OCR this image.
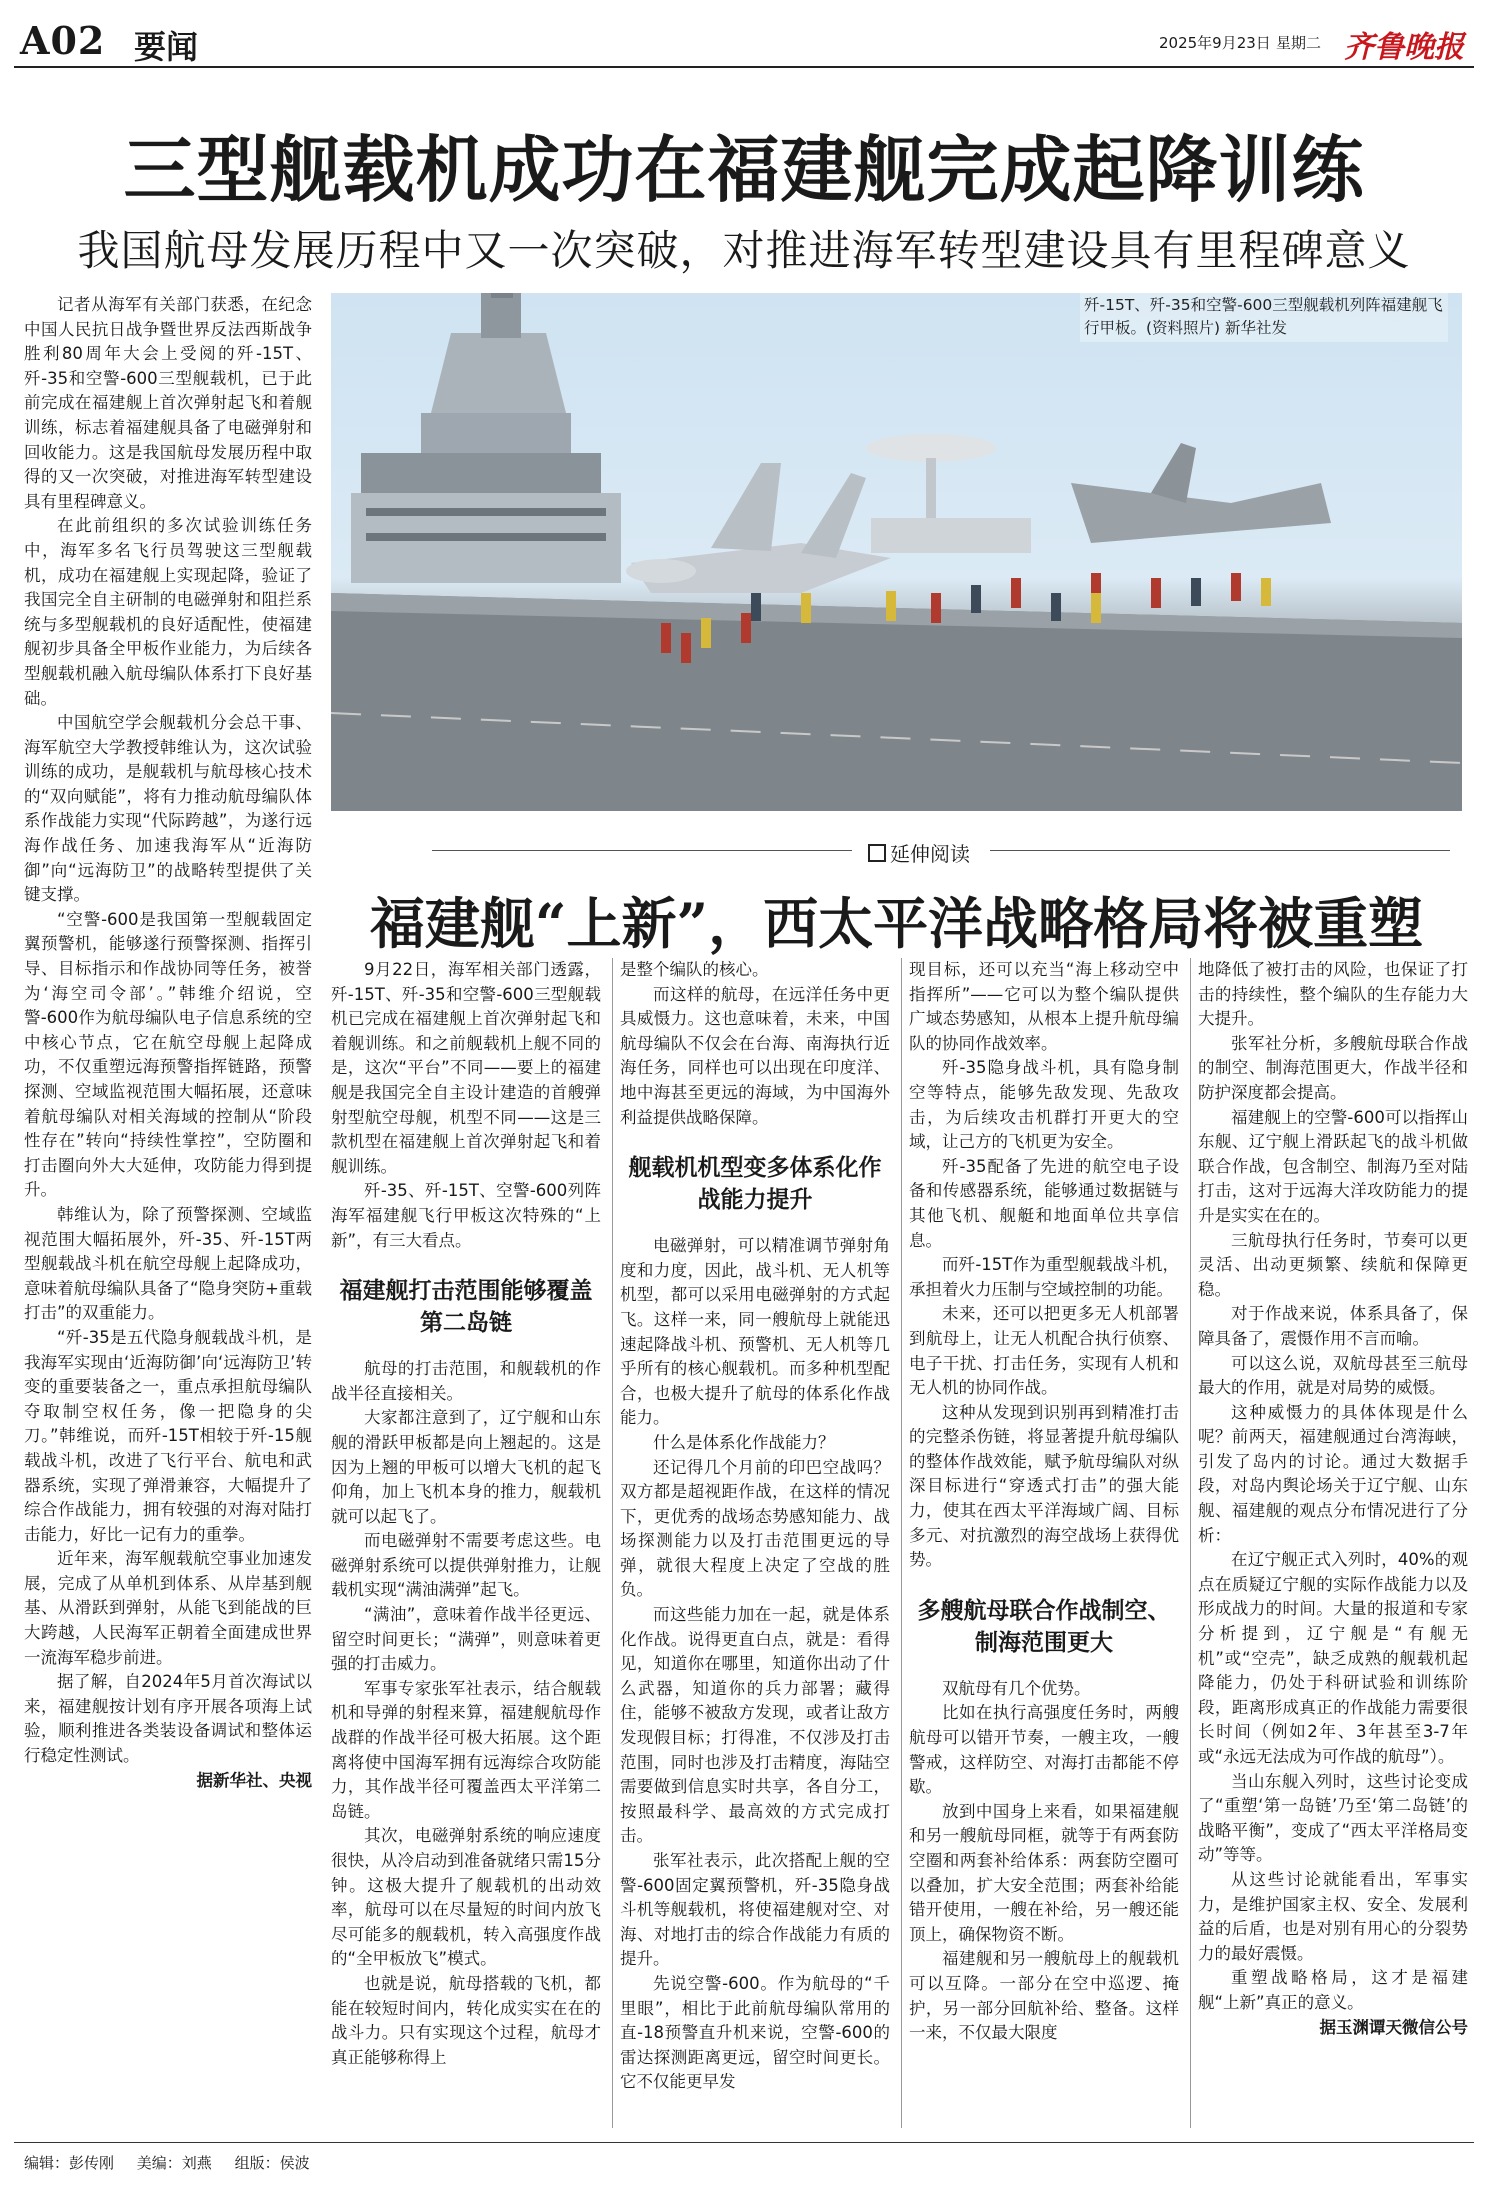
A02 要闻	2025年9月23日 星期二 齐鲁晚报
三型舰载机成功在福建舰完成起降训练
我国航母发展历程中又一次突破，对推进海军转型建设具有里程碑意义

记者从海军有关部门获悉，在纪念中国人民抗日战争暨世界反法西斯战争胜利80周年大会上受阅的歼-15T、歼-35和空警-600三型舰载机，已于此前完成在福建舰上首次弹射起飞和着舰训练，标志着福建舰具备了电磁弹射和回收能力。这是我国航母发展历程中取得的又一次突破，对推进海军转型建设具有里程碑意义。

在此前组织的多次试验训练任务中，海军多名飞行员驾驶这三型舰载机，成功在福建舰上实现起降，验证了我国完全自主研制的电磁弹射和阻拦系统与多型舰载机的良好适配性，使福建舰初步具备全甲板作业能力，为后续各型舰载机融入航母编队体系打下良好基础。

中国航空学会舰载机分会总干事、海军航空大学教授韩维认为，这次试验训练的成功，是舰载机与航母核心技术的“双向赋能”，将有力推动航母编队体系作战能力实现“代际跨越”，为遂行远海作战任务、加速我海军从“近海防御”向“远海防卫”的战略转型提供了关键支撑。

“空警-600是我国第一型舰载固定翼预警机，能够遂行预警探测、指挥引导、目标指示和作战协同等任务，被誉为‘海空司令部’。”韩维介绍说，空警-600作为航母编队电子信息系统的空中核心节点，它在航空母舰上起降成功，不仅重塑远海预警指挥链路，预警探测、空域监视范围大幅拓展，还意味着航母编队对相关海域的控制从“阶段性存在”转向“持续性掌控”，空防圈和打击圈向外大大延伸，攻防能力得到提升。

韩维认为，除了预警探测、空域监视范围大幅拓展外，歼-35、歼-15T两型舰载战斗机在航空母舰上起降成功，意味着航母编队具备了“隐身突防+重载打击”的双重能力。

“歼-35是五代隐身舰载战斗机，是我海军实现由‘近海防御’向‘远海防卫’转变的重要装备之一，重点承担航母编队夺取制空权任务，像一把隐身的尖刀。”韩维说，而歼-15T相较于歼-15舰载战斗机，改进了飞行平台、航电和武器系统，实现了弹滑兼容，大幅提升了综合作战能力，拥有较强的对海对陆打击能力，好比一记有力的重拳。

近年来，海军舰载航空事业加速发展，完成了从单机到体系、从岸基到舰基、从滑跃到弹射，从能飞到能战的巨大跨越，人民海军正朝着全面建成世界一流海军稳步前进。

据了解，自2024年5月首次海试以来，福建舰按计划有序开展各项海上试验，顺利推进各类装设备调试和整体运行稳定性测试。

据新华社、央视

歼-15T、歼-35和空警-600三型舰载机列阵福建舰飞行甲板。(资料照片) 新华社发
延伸阅读
福建舰“上新”，西太平洋战略格局将被重塑

9月22日，海军相关部门透露，歼-15T、歼-35和空警-600三型舰载机已完成在福建舰上首次弹射起飞和着舰训练。和之前舰载机上舰不同的是，这次“平台”不同——要上的福建舰是我国完全自主设计建造的首艘弹射型航空母舰，机型不同——这是三款机型在福建舰上首次弹射起飞和着舰训练。

歼-35、歼-15T、空警-600列阵海军福建舰飞行甲板这次特殊的“上新”，有三大看点。

福建舰打击范围能够覆盖第二岛链

航母的打击范围，和舰载机的作战半径直接相关。

大家都注意到了，辽宁舰和山东舰的滑跃甲板都是向上翘起的。这是因为上翘的甲板可以增大飞机的起飞仰角，加上飞机本身的推力，舰载机就可以起飞了。

而电磁弹射不需要考虑这些。电磁弹射系统可以提供弹射推力，让舰载机实现“满油满弹”起飞。

“满油”，意味着作战半径更远、留空时间更长；“满弹”，则意味着更强的打击威力。

军事专家张军社表示，结合舰载机和导弹的射程来算，福建舰航母作战群的作战半径可极大拓展。这个距离将使中国海军拥有远海综合攻防能力，其作战半径可覆盖西太平洋第二岛链。

其次，电磁弹射系统的响应速度很快，从冷启动到准备就绪只需15分钟。这极大提升了舰载机的出动效率，航母可以在尽量短的时间内放飞尽可能多的舰载机，转入高强度作战的“全甲板放飞”模式。

也就是说，航母搭载的飞机，都能在较短时间内，转化成实实在在的战斗力。只有实现这个过程，航母才真正能够称得上

是整个编队的核心。

而这样的航母，在远洋任务中更具威慑力。这也意味着，未来，中国航母编队不仅会在台海、南海执行近海任务，同样也可以出现在印度洋、地中海甚至更远的海域，为中国海外利益提供战略保障。

舰载机机型变多体系化作战能力提升

电磁弹射，可以精准调节弹射角度和力度，因此，战斗机、无人机等机型，都可以采用电磁弹射的方式起飞。这样一来，同一艘航母上就能迅速起降战斗机、预警机、无人机等几乎所有的核心舰载机。而多种机型配合，也极大提升了航母的体系化作战能力。

什么是体系化作战能力？

还记得几个月前的印巴空战吗？双方都是超视距作战，在这样的情况下，更优秀的战场态势感知能力、战场探测能力以及打击范围更远的导弹，就很大程度上决定了空战的胜负。

而这些能力加在一起，就是体系化作战。说得更直白点，就是：看得见，知道你在哪里，知道你出动了什么武器，知道你的兵力部署；藏得住，能够不被敌方发现，或者让敌方发现假目标；打得准，不仅涉及打击范围，同时也涉及打击精度，海陆空需要做到信息实时共享，各自分工，按照最科学、最高效的方式完成打击。

张军社表示，此次搭配上舰的空警-600固定翼预警机，歼-35隐身战斗机等舰载机，将使福建舰对空、对海、对地打击的综合作战能力有质的提升。

先说空警-600。作为航母的“千里眼”，相比于此前航母编队常用的直-18预警直升机来说，空警-600的雷达探测距离更远，留空时间更长。它不仅能更早发

现目标，还可以充当“海上移动空中指挥所”——它可以为整个编队提供广域态势感知，从根本上提升航母编队的协同作战效率。

歼-35隐身战斗机，具有隐身制空等特点，能够先敌发现、先敌攻击，为后续攻击机群打开更大的空域，让己方的飞机更为安全。

歼-35配备了先进的航空电子设备和传感器系统，能够通过数据链与其他飞机、舰艇和地面单位共享信息。

而歼-15T作为重型舰载战斗机，承担着火力压制与空域控制的功能。

未来，还可以把更多无人机部署到航母上，让无人机配合执行侦察、电子干扰、打击任务，实现有人机和无人机的协同作战。

这种从发现到识别再到精准打击的完整杀伤链，将显著提升航母编队的整体作战效能，赋予航母编队对纵深目标进行“穿透式打击”的强大能力，使其在西太平洋海域广阔、目标多元、对抗激烈的海空战场上获得优势。

多艘航母联合作战制空、制海范围更大

双航母有几个优势。

比如在执行高强度任务时，两艘航母可以错开节奏，一艘主攻，一艘警戒，这样防空、对海打击都能不停歇。

放到中国身上来看，如果福建舰和另一艘航母同框，就等于有两套防空圈和两套补给体系：两套防空圈可以叠加，扩大安全范围；两套补给能错开使用，一艘在补给，另一艘还能顶上，确保物资不断。

福建舰和另一艘航母上的舰载机可以互降。一部分在空中巡逻、掩护，另一部分回航补给、整备。这样一来，不仅最大限度

地降低了被打击的风险，也保证了打击的持续性，整个编队的生存能力大大提升。

张军社分析，多艘航母联合作战的制空、制海范围更大，作战半径和防护深度都会提高。

福建舰上的空警-600可以指挥山东舰、辽宁舰上滑跃起飞的战斗机做联合作战，包含制空、制海乃至对陆打击，这对于远海大洋攻防能力的提升是实实在在的。

三航母执行任务时，节奏可以更灵活、出动更频繁、续航和保障更稳。

对于作战来说，体系具备了，保障具备了，震慑作用不言而喻。

可以这么说，双航母甚至三航母最大的作用，就是对局势的威慑。

这种威慑力的具体体现是什么呢？前两天，福建舰通过台湾海峡，引发了岛内的讨论。通过大数据手段，对岛内舆论场关于辽宁舰、山东舰、福建舰的观点分布情况进行了分析：

在辽宁舰正式入列时，40%的观点在质疑辽宁舰的实际作战能力以及形成战力的时间。大量的报道和专家分析提到，辽宁舰是“有舰无机”或“空壳”，缺乏成熟的舰载机起降能力，仍处于科研试验和训练阶段，距离形成真正的作战能力需要很长时间（例如2年、3年甚至3-7年或“永远无法成为可作战的航母”）。

当山东舰入列时，这些讨论变成了“重塑‘第一岛链’乃至‘第二岛链’的战略平衡”，变成了“西太平洋格局变动”等等。

从这些讨论就能看出，军事实力，是维护国家主权、安全、发展利益的后盾，也是对别有用心的分裂势力的最好震慑。

重塑战略格局，这才是福建舰“上新”真正的意义。

据玉渊谭天微信公号

编辑：彭传刚 美编：刘燕 组版：侯波
